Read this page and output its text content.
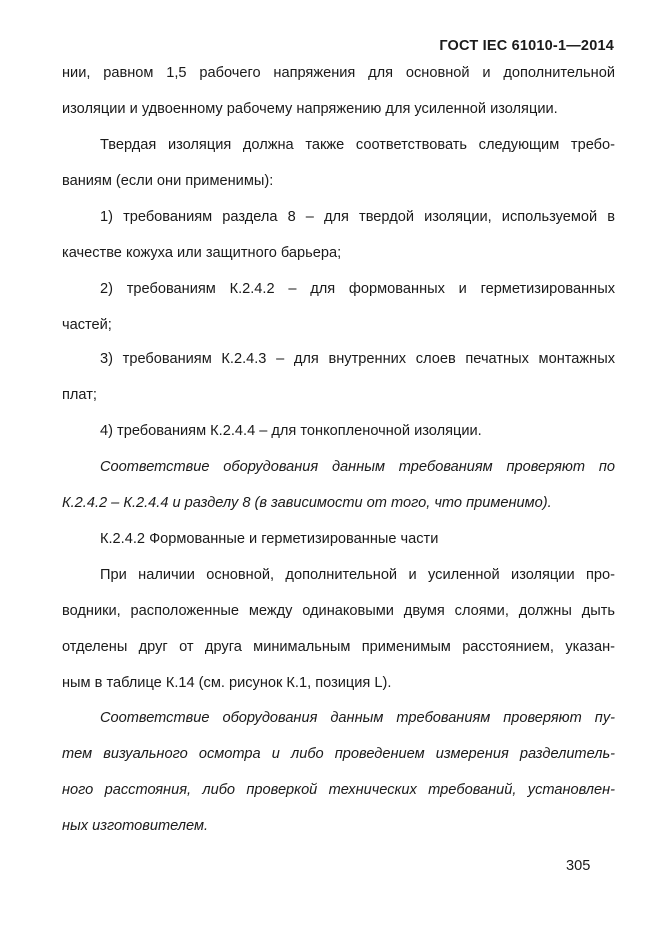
ГОСТ IEC 61010-1—2014
нии, равном 1,5 рабочего напряжения для основной и дополнительной
изоляции и удвоенному рабочему напряжению для усиленной изоляции.
Твердая изоляция должна также соответствовать следующим требо-
ваниям (если они применимы):
1) требованиям раздела 8 – для твердой изоляции, используемой в
качестве кожуха или защитного барьера;
2) требованиям К.2.4.2 – для формованных и герметизированных
частей;
3) требованиям К.2.4.3 – для внутренних слоев печатных монтажных
плат;
4) требованиям К.2.4.4 – для тонкопленочной изоляции.
Соответствие оборудования данным требованиям проверяют по
К.2.4.2 – К.2.4.4 и разделу 8 (в зависимости от того, что применимо).
К.2.4.2 Формованные и герметизированные части
При наличии основной, дополнительной и усиленной изоляции про-
водники, расположенные между одинаковыми двумя слоями, должны дыть
отделены друг от друга минимальным применимым расстоянием, указан-
ным в таблице К.14 (см. рисунок К.1, позиция L).
Соответствие оборудования данным требованиям проверяют пу-
тем визуального осмотра и либо проведением измерения разделитель-
ного расстояния, либо проверкой технических требований, установлен-
ных изготовителем.
305
